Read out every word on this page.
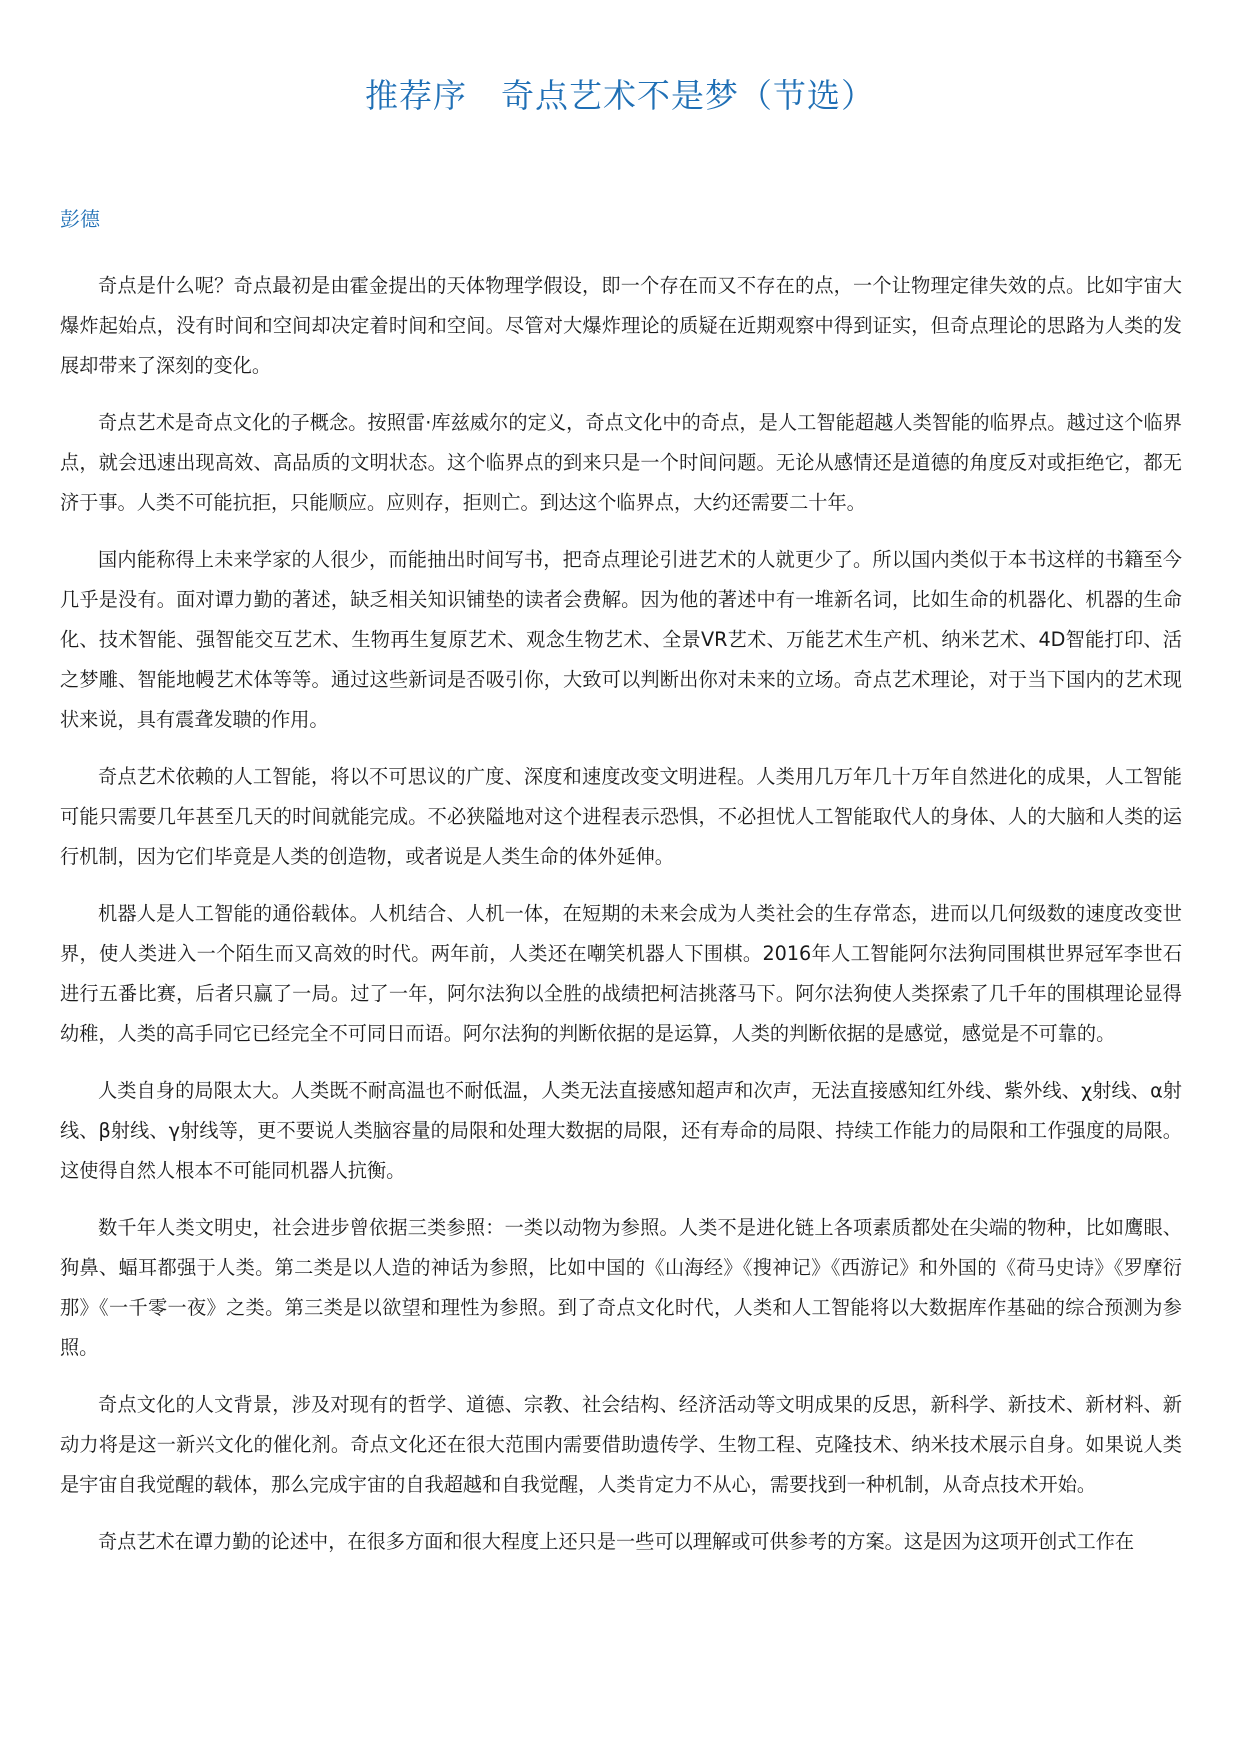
推荐序　奇点艺术不是梦（节选）

彭德

奇点是什么呢？奇点最初是由霍金提出的天体物理学假设，即一个存在而又不存在的点，一个让物理定律失效的点。比如宇宙大爆炸起始点，没有时间和空间却决定着时间和空间。尽管对大爆炸理论的质疑在近期观察中得到证实，但奇点理论的思路为人类的发展却带来了深刻的变化。

奇点艺术是奇点文化的子概念。按照雷·库兹威尔的定义，奇点文化中的奇点，是人工智能超越人类智能的临界点。越过这个临界点，就会迅速出现高效、高品质的文明状态。这个临界点的到来只是一个时间问题。无论从感情还是道德的角度反对或拒绝它，都无济于事。人类不可能抗拒，只能顺应。应则存，拒则亡。到达这个临界点，大约还需要二十年。

国内能称得上未来学家的人很少，而能抽出时间写书，把奇点理论引进艺术的人就更少了。所以国内类似于本书这样的书籍至今几乎是没有。面对谭力勤的著述，缺乏相关知识铺垫的读者会费解。因为他的著述中有一堆新名词，比如生命的机器化、机器的生命化、技术智能、强智能交互艺术、生物再生复原艺术、观念生物艺术、全景VR艺术、万能艺术生产机、纳米艺术、4D智能打印、活之梦雕、智能地幔艺术体等等。通过这些新词是否吸引你，大致可以判断出你对未来的立场。奇点艺术理论，对于当下国内的艺术现状来说，具有震聋发聩的作用。

奇点艺术依赖的人工智能，将以不可思议的广度、深度和速度改变文明进程。人类用几万年几十万年自然进化的成果，人工智能可能只需要几年甚至几天的时间就能完成。不必狭隘地对这个进程表示恐惧，不必担忧人工智能取代人的身体、人的大脑和人类的运行机制，因为它们毕竟是人类的创造物，或者说是人类生命的体外延伸。

机器人是人工智能的通俗载体。人机结合、人机一体，在短期的未来会成为人类社会的生存常态，进而以几何级数的速度改变世界，使人类进入一个陌生而又高效的时代。两年前，人类还在嘲笑机器人下围棋。2016年人工智能阿尔法狗同围棋世界冠军李世石进行五番比赛，后者只赢了一局。过了一年，阿尔法狗以全胜的战绩把柯洁挑落马下。阿尔法狗使人类探索了几千年的围棋理论显得幼稚，人类的高手同它已经完全不可同日而语。阿尔法狗的判断依据的是运算，人类的判断依据的是感觉，感觉是不可靠的。

人类自身的局限太大。人类既不耐高温也不耐低温，人类无法直接感知超声和次声，无法直接感知红外线、紫外线、χ射线、α射线、β射线、γ射线等，更不要说人类脑容量的局限和处理大数据的局限，还有寿命的局限、持续工作能力的局限和工作强度的局限。这使得自然人根本不可能同机器人抗衡。

数千年人类文明史，社会进步曾依据三类参照：一类以动物为参照。人类不是进化链上各项素质都处在尖端的物种，比如鹰眼、狗鼻、蝠耳都强于人类。第二类是以人造的神话为参照，比如中国的《山海经》《搜神记》《西游记》和外国的《荷马史诗》《罗摩衍那》《一千零一夜》之类。第三类是以欲望和理性为参照。到了奇点文化时代，人类和人工智能将以大数据库作基础的综合预测为参照。

奇点文化的人文背景，涉及对现有的哲学、道德、宗教、社会结构、经济活动等文明成果的反思，新科学、新技术、新材料、新动力将是这一新兴文化的催化剂。奇点文化还在很大范围内需要借助遗传学、生物工程、克隆技术、纳米技术展示自身。如果说人类是宇宙自我觉醒的载体，那么完成宇宙的自我超越和自我觉醒，人类肯定力不从心，需要找到一种机制，从奇点技术开始。

奇点艺术在谭力勤的论述中，在很多方面和很大程度上还只是一些可以理解或可供参考的方案。这是因为这项开创式工作在
